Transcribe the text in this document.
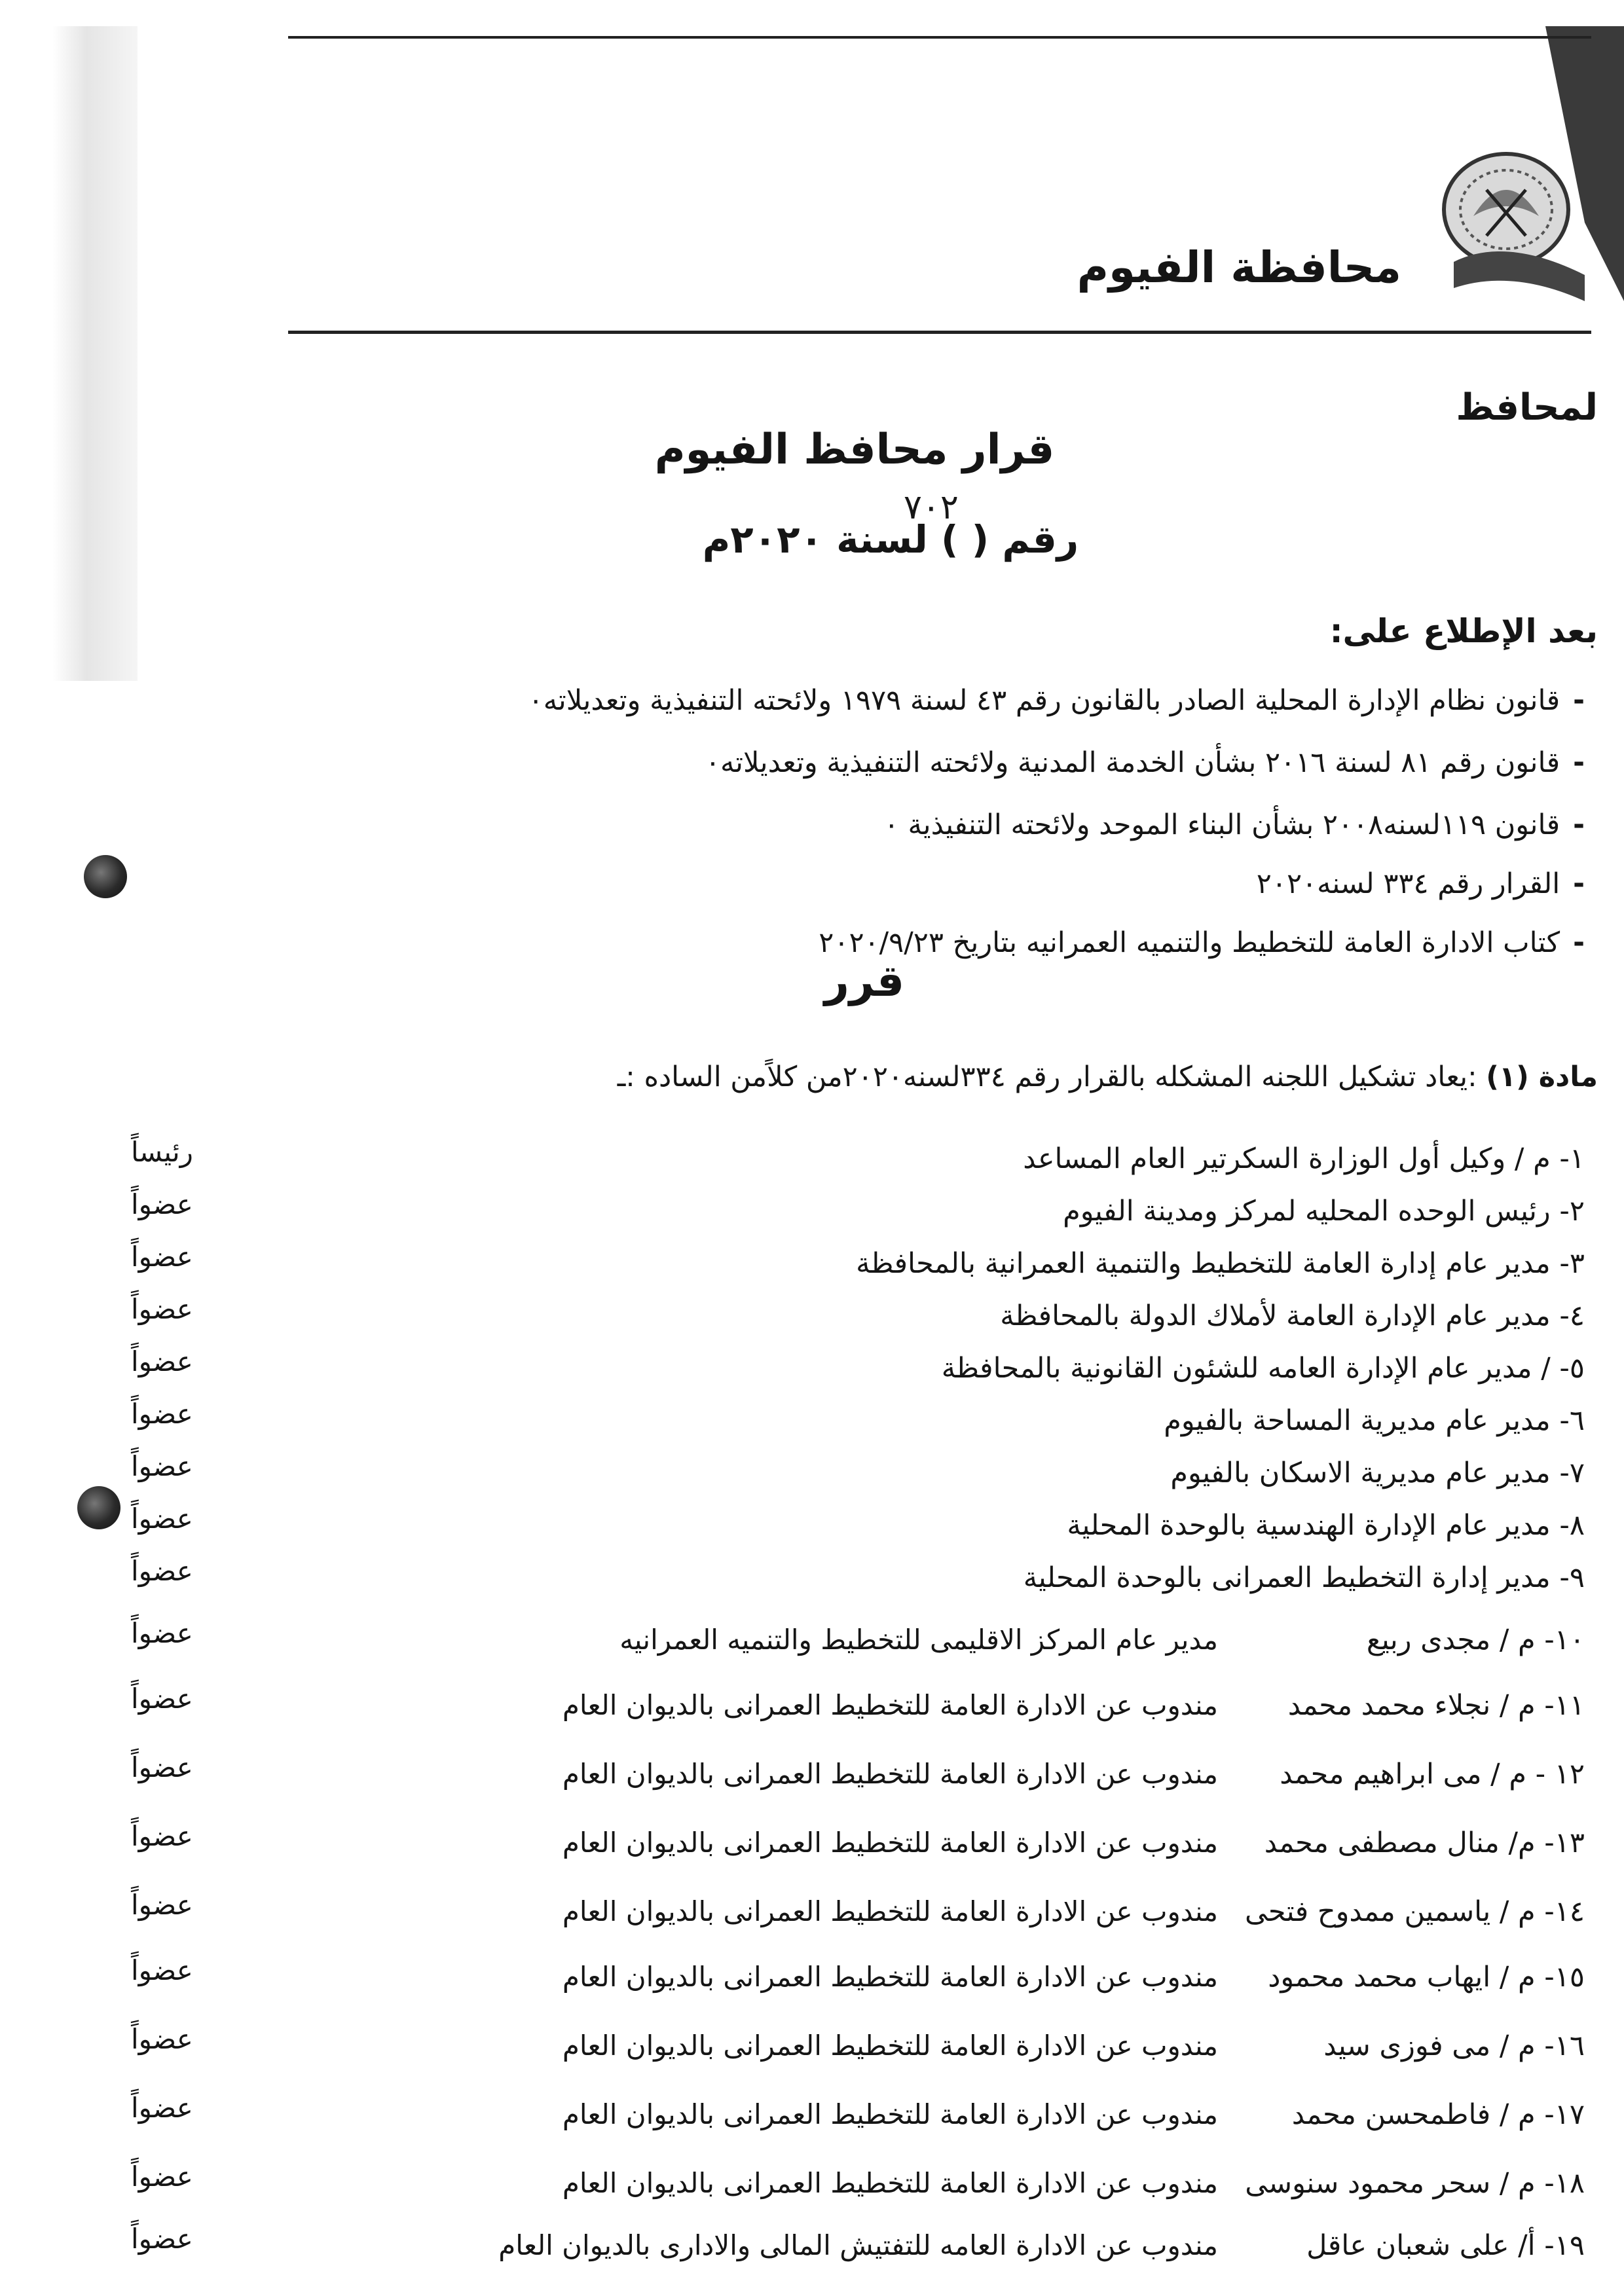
محافظة الفيوم
لمحافظ
قرار محافظ الفيوم
رقم ( ) لسنة ٢٠٢٠م
٧٠٢
بعد الإطلاع على:
-قانون نظام الإدارة المحلية الصادر بالقانون رقم ٤٣ لسنة ١٩٧٩ ولائحته التنفيذية وتعديلاته٠
-قانون رقم ٨١ لسنة ٢٠١٦ بشأن الخدمة المدنية ولائحته التنفيذية وتعديلاته٠
-قانون ١١٩لسنه٢٠٠٨ بشأن البناء الموحد ولائحته التنفيذية ٠
-القرار رقم ٣٣٤ لسنه٢٠٢٠
-كتاب الادارة العامة للتخطيط والتنميه العمرانيه بتاريخ ٢٠٢٠/٩/٢٣
قرر
مادة (١) :يعاد تشكيل اللجنه المشكله بالقرار رقم ٣٣٤لسنه٢٠٢٠من كلاًمن الساده :ـ
١- م / وكيل أول الوزارة السكرتير العام المساعد
رئيساً
٢- رئيس الوحده المحليه لمركز ومدينة الفيوم
عضواً
٣- مدير عام إدارة العامة للتخطيط والتنمية العمرانية بالمحافظة
عضواً
٤- مدير عام الإدارة العامة لأملاك الدولة بالمحافظة
عضواً
٥- / مدير عام الإدارة العامه للشئون القانونية بالمحافظة
عضواً
٦- مدير عام مديرية المساحة بالفيوم
عضواً
٧- مدير عام مديرية الاسكان بالفيوم
عضواً
٨- مدير عام الإدارة الهندسية بالوحدة المحلية
عضواً
٩- مدير إدارة التخطيط العمرانى بالوحدة المحلية
عضواً
١٠- م / مجدى ربيع
مدير عام المركز الاقليمى للتخطيط والتنميه العمرانيه
عضواً
١١- م / نجلاء محمد محمد
مندوب عن الادارة العامة للتخطيط العمرانى بالديوان العام
عضواً
١٢ - م / مى ابراهيم محمد
مندوب عن الادارة العامة للتخطيط العمرانى بالديوان العام
عضواً
١٣- م/ منال مصطفى محمد
مندوب عن الادارة العامة للتخطيط العمرانى بالديوان العام
عضواً
١٤- م / ياسمين ممدوح فتحى
مندوب عن الادارة العامة للتخطيط العمرانى بالديوان العام
عضواً
١٥- م / ايهاب محمد محمود
مندوب عن الادارة العامة للتخطيط العمرانى بالديوان العام
عضواً
١٦- م / مى فوزى سيد
مندوب عن الادارة العامة للتخطيط العمرانى بالديوان العام
عضواً
١٧- م / فاطمحسن محمد
مندوب عن الادارة العامة للتخطيط العمرانى بالديوان العام
عضواً
١٨- م / سحر محمود سنوسى
مندوب عن الادارة العامة للتخطيط العمرانى بالديوان العام
عضواً
١٩- أ/ على شعبان عاقل
مندوب عن الادارة العامه للتفتيش المالى والادارى بالديوان العام
عضواً
